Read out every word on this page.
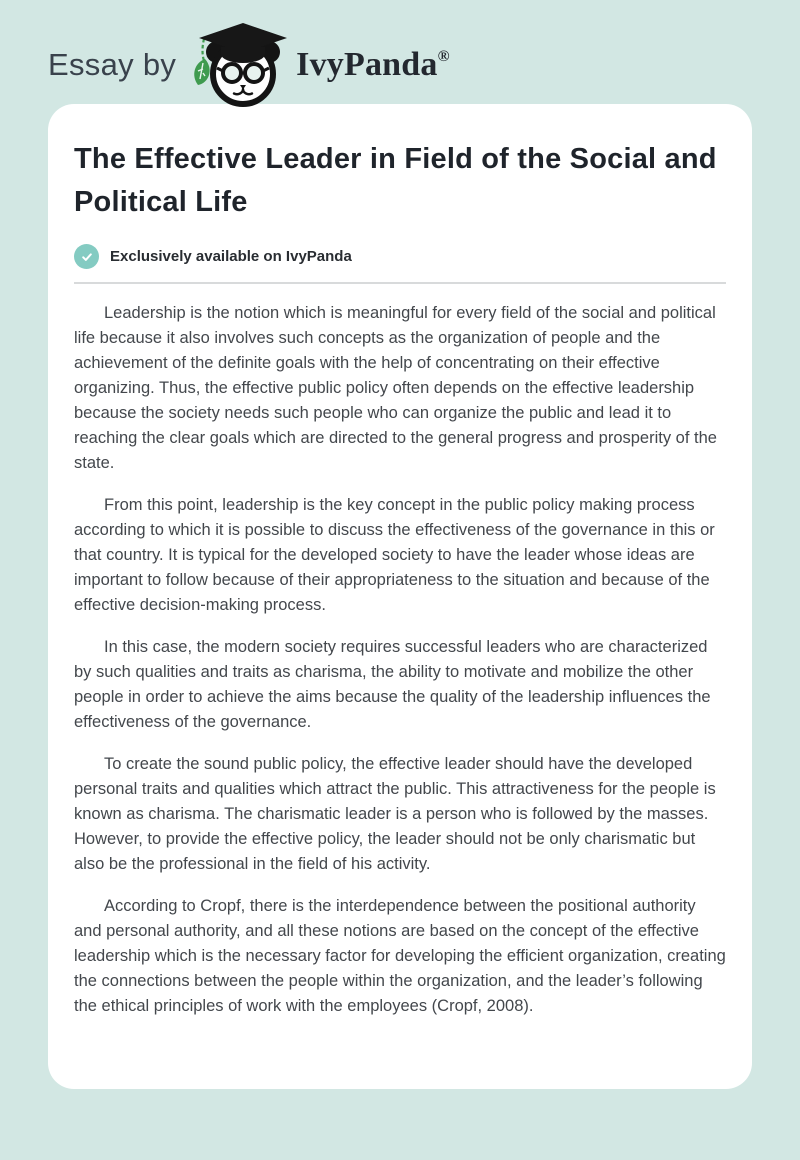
Essay by	IvyPanda®
The Effective Leader in Field of the Social and Political Life
Exclusively available on IvyPanda

Leadership is the notion which is meaningful for every field of the social and political life because it also involves such concepts as the organization of people and the achievement of the definite goals with the help of concentrating on their effective organizing. Thus, the effective public policy often depends on the effective leadership because the society needs such people who can organize the public and lead it to reaching the clear goals which are directed to the general progress and prosperity of the state.

From this point, leadership is the key concept in the public policy making process according to which it is possible to discuss the effectiveness of the governance in this or that country. It is typical for the developed society to have the leader whose ideas are important to follow because of their appropriateness to the situation and because of the effective decision-making process.

In this case, the modern society requires successful leaders who are characterized by such qualities and traits as charisma, the ability to motivate and mobilize the other people in order to achieve the aims because the quality of the leadership influences the effectiveness of the governance.

To create the sound public policy, the effective leader should have the developed personal traits and qualities which attract the public. This attractiveness for the people is known as charisma. The charismatic leader is a person who is followed by the masses. However, to provide the effective policy, the leader should not be only charismatic but also be the professional in the field of his activity.

According to Cropf, there is the interdependence between the positional authority and personal authority, and all these notions are based on the concept of the effective leadership which is the necessary factor for developing the efficient organization, creating the connections between the people within the organization, and the leader’s following the ethical principles of work with the employees (Cropf, 2008).
